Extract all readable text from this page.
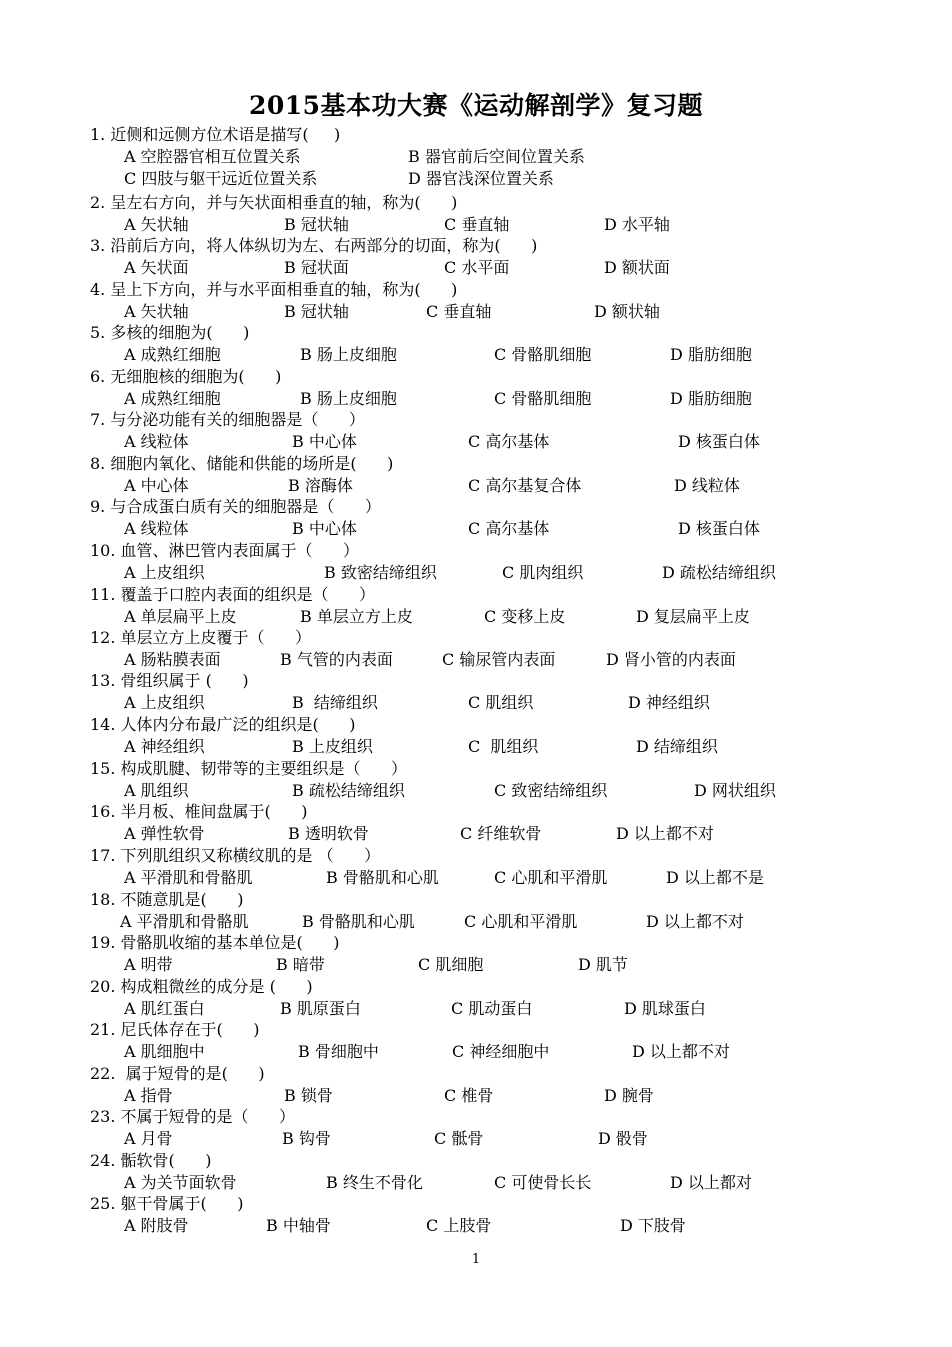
2015基本功大赛《运动解剖学》复习题
1. 近侧和远侧方位术语是描写(     )
A 空腔器官相互位置关系	B 器官前后空间位置关系
C 四肢与躯干远近位置关系	D 器官浅深位置关系
2. 呈左右方向，并与矢状面相垂直的轴，称为(      )
A 矢状轴	B 冠状轴	C 垂直轴	D 水平轴
3. 沿前后方向，将人体纵切为左、右两部分的切面，称为(      )
A 矢状面	B 冠状面	C 水平面	D 额状面
4. 呈上下方向，并与水平面相垂直的轴，称为(      )
A 矢状轴	B 冠状轴	C 垂直轴	D 额状轴
5. 多核的细胞为(      )
A 成熟红细胞	B 肠上皮细胞	C 骨骼肌细胞	D 脂肪细胞
6. 无细胞核的细胞为(      )
A 成熟红细胞	B 肠上皮细胞	C 骨骼肌细胞	D 脂肪细胞
7. 与分泌功能有关的细胞器是（      ）
A 线粒体	B 中心体	C 高尔基体	D 核蛋白体
8. 细胞内氧化、储能和供能的场所是(      )
A 中心体	B 溶酶体	C 高尔基复合体	D 线粒体
9. 与合成蛋白质有关的细胞器是（      ）
A 线粒体	B 中心体	C 高尔基体	D 核蛋白体
10. 血管、淋巴管内表面属于（      ）
A 上皮组织	B 致密结缔组织	C 肌肉组织	D 疏松结缔组织
11. 覆盖于口腔内表面的组织是（      ）
A 单层扁平上皮	B 单层立方上皮	C 变移上皮	D 复层扁平上皮
12. 单层立方上皮覆于（      ）
A 肠粘膜表面	B 气管的内表面	C 输尿管内表面	D 肾小管的内表面
13. 骨组织属于 (      )
A 上皮组织	B  结缔组织	C 肌组织	D 神经组织
14. 人体内分布最广泛的组织是(      )
A 神经组织	B 上皮组织	C  肌组织	D 结缔组织
15. 构成肌腱、韧带等的主要组织是（      ）
A 肌组织	B 疏松结缔组织	C 致密结缔组织	D 网状组织
16. 半月板、椎间盘属于(      )
A 弹性软骨	B 透明软骨	C 纤维软骨	D 以上都不对
17. 下列肌组织又称横纹肌的是 （      ）
A 平滑肌和骨骼肌	B 骨骼肌和心肌	C 心肌和平滑肌	D 以上都不是
18. 不随意肌是(      )
A 平滑肌和骨骼肌	B 骨骼肌和心肌	C 心肌和平滑肌	D 以上都不对
19. 骨骼肌收缩的基本单位是(      )
A 明带	B 暗带	C 肌细胞	D 肌节
20. 构成粗微丝的成分是 (      )
A 肌红蛋白	B 肌原蛋白	C 肌动蛋白	D 肌球蛋白
21. 尼氏体存在于(      )
A 肌细胞中	B 骨细胞中	C 神经细胞中	D 以上都不对
22.  属于短骨的是(      )
A 指骨	B 锁骨	C 椎骨	D 腕骨
23. 不属于短骨的是（      ）
A 月骨	B 钩骨	C 骶骨	D 骰骨
24. 骺软骨(      )
A 为关节面软骨	B 终生不骨化	C 可使骨长长	D 以上都对
25. 躯干骨属于(      )
A 附肢骨	B 中轴骨	C 上肢骨	D 下肢骨
1
